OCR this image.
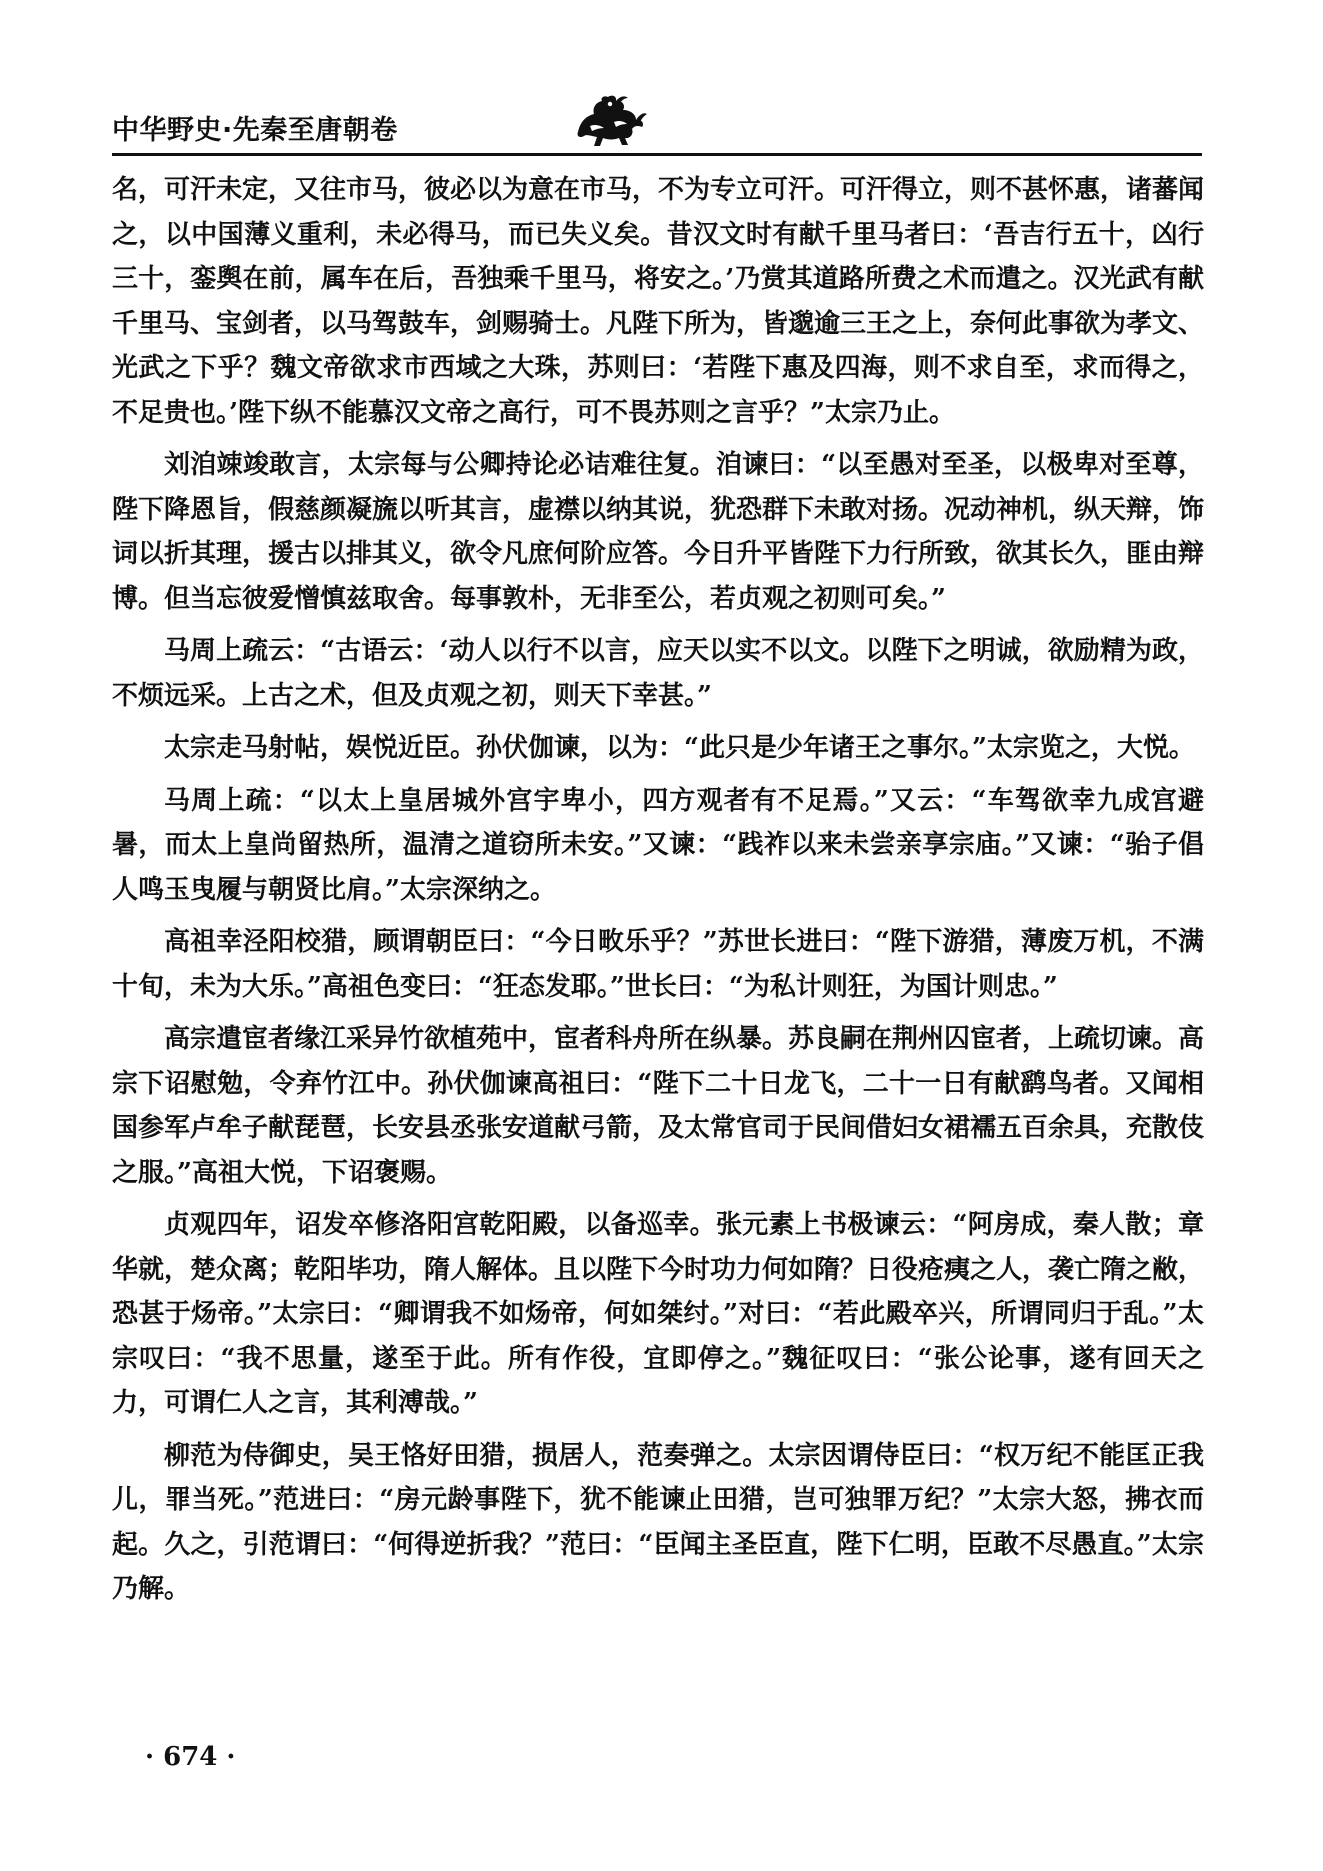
中华野史·先秦至唐朝卷

名，可汗未定，又往市马，彼必以为意在市马，不为专立可汗。可汗得立，则不甚怀惠，诸蕃闻之，以中国薄义重利，未必得马，而已失义矣。昔汉文时有献千里马者曰：‘吾吉行五十，凶行三十，銮舆在前，属车在后，吾独乘千里马，将安之。’乃赏其道路所费之术而遣之。汉光武有献千里马、宝剑者，以马驾鼓车，剑赐骑士。凡陛下所为，皆邈逾三王之上，奈何此事欲为孝文、光武之下乎？魏文帝欲求市西域之大珠，苏则曰：‘若陛下惠及四海，则不求自至，求而得之，不足贵也。’陛下纵不能慕汉文帝之高行，可不畏苏则之言乎？”太宗乃止。

刘洎竦竣敢言，太宗每与公卿持论必诘难往复。洎谏曰：“以至愚对至圣，以极卑对至尊，陛下降恩旨，假慈颜凝旒以听其言，虚襟以纳其说，犹恐群下未敢对扬。况动神机，纵天辩，饰词以折其理，援古以排其义，欲令凡庶何阶应答。今日升平皆陛下力行所致，欲其长久，匪由辩博。但当忘彼爱憎慎兹取舍。每事敦朴，无非至公，若贞观之初则可矣。”

马周上疏云：“古语云：‘动人以行不以言，应天以实不以文。以陛下之明诚，欲励精为政，不烦远采。上古之术，但及贞观之初，则天下幸甚。”

太宗走马射帖，娱悦近臣。孙伏伽谏，以为：“此只是少年诸王之事尔。”太宗览之，大悦。

马周上疏：“以太上皇居城外宫宇卑小，四方观者有不足焉。”又云：“车驾欲幸九成宫避暑，而太上皇尚留热所，温清之道窃所未安。”又谏：“践祚以来未尝亲享宗庙。”又谏：“骀子倡人鸣玉曳履与朝贤比肩。”太宗深纳之。

高祖幸泾阳校猎，顾谓朝臣曰：“今日畋乐乎？”苏世长进曰：“陛下游猎，薄废万机，不满十旬，未为大乐。”高祖色变曰：“狂态发耶。”世长曰：“为私计则狂，为国计则忠。”

高宗遣宦者缘江采异竹欲植苑中，宦者科舟所在纵暴。苏良嗣在荆州囚宦者，上疏切谏。高宗下诏慰勉，令弃竹江中。孙伏伽谏高祖曰：“陛下二十日龙飞，二十一日有献鹞鸟者。又闻相国参军卢牟子献琵琶，长安县丞张安道献弓箭，及太常官司于民间借妇女裙襦五百余具，充散伎之服。”高祖大悦，下诏褒赐。

贞观四年，诏发卒修洛阳宫乾阳殿，以备巡幸。张元素上书极谏云：“阿房成，秦人散；章华就，楚众离；乾阳毕功，隋人解体。且以陛下今时功力何如隋？日役疮痍之人，袭亡隋之敝，恐甚于炀帝。”太宗曰：“卿谓我不如炀帝，何如桀纣。”对曰：“若此殿卒兴，所谓同归于乱。”太宗叹曰：“我不思量，遂至于此。所有作役，宜即停之。”魏征叹曰：“张公论事，遂有回天之力，可谓仁人之言，其利溥哉。”

柳范为侍御史，吴王恪好田猎，损居人，范奏弹之。太宗因谓侍臣曰：“权万纪不能匡正我儿，罪当死。”范进曰：“房元龄事陛下，犹不能谏止田猎，岂可独罪万纪？”太宗大怒，拂衣而起。久之，引范谓曰：“何得逆折我？”范曰：“臣闻主圣臣直，陛下仁明，臣敢不尽愚直。”太宗乃解。

· 674 ·
